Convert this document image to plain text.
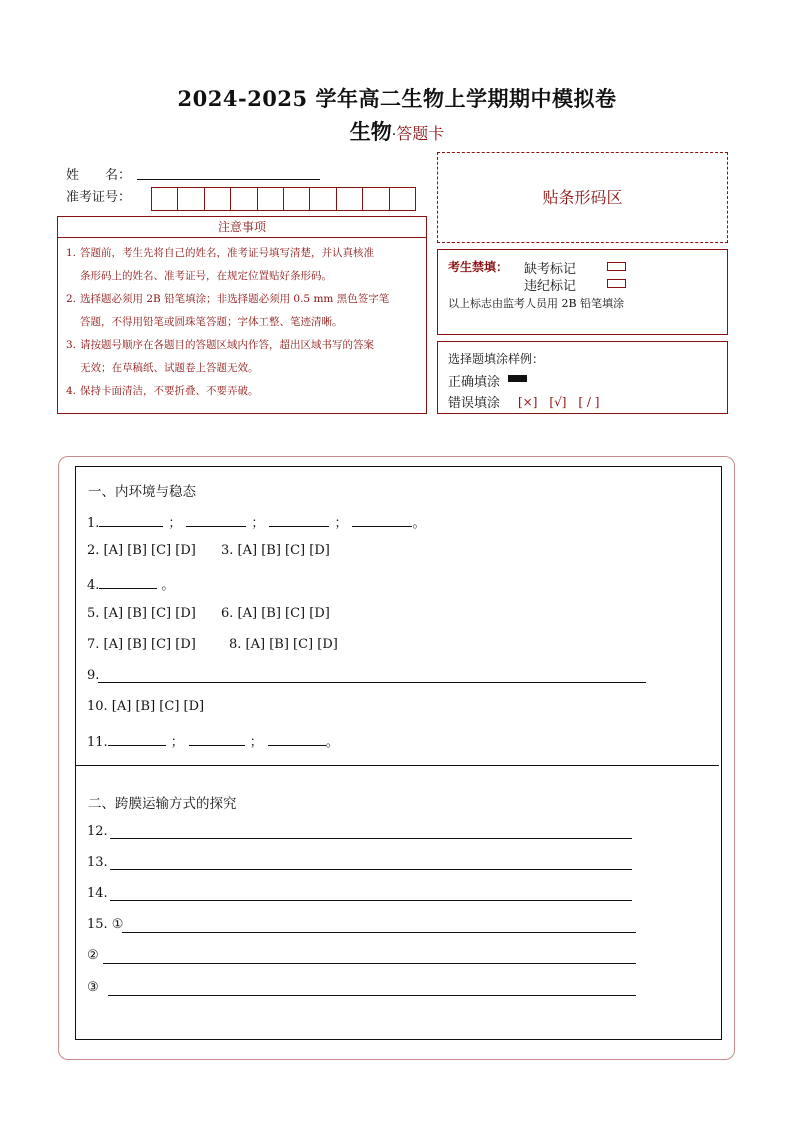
2024-2025 学年高二生物上学期期中模拟卷
生物·答题卡
姓　　名：
准考证号：
注意事项
1. 答题前，考生先将自己的姓名，准考证号填写清楚，并认真核准
条形码上的姓名、准考证号，在规定位置贴好条形码。
2. 选择题必须用 2B 铅笔填涂；非选择题必须用 0.5 mm 黑色签字笔
答题，不得用铅笔或圆珠笔答题；字体工整、笔迹清晰。
3. 请按题号顺序在各题目的答题区域内作答，超出区域书写的答案
无效；在草稿纸、试题卷上答题无效。
4. 保持卡面清洁，不要折叠、不要弄破。
贴条形码区
考生禁填： 缺考标记
违纪标记
以上标志由监考人员用 2B 铅笔填涂
选择题填涂样例：
正确填涂
错误填涂 [×]　[√]　[ / ]
一、内环境与稳态
1.	；	；	；	。
2. [A] [B] [C] [D] 3. [A] [B] [C] [D]
4.	。
5. [A] [B] [C] [D] 6. [A] [B] [C] [D]
7. [A] [B] [C] [D]	8. [A] [B] [C] [D]
9.
10. [A] [B] [C] [D]
11.	；	；	。
二、跨膜运输方式的探究
12.
13.
14.
15. ①
②
③
